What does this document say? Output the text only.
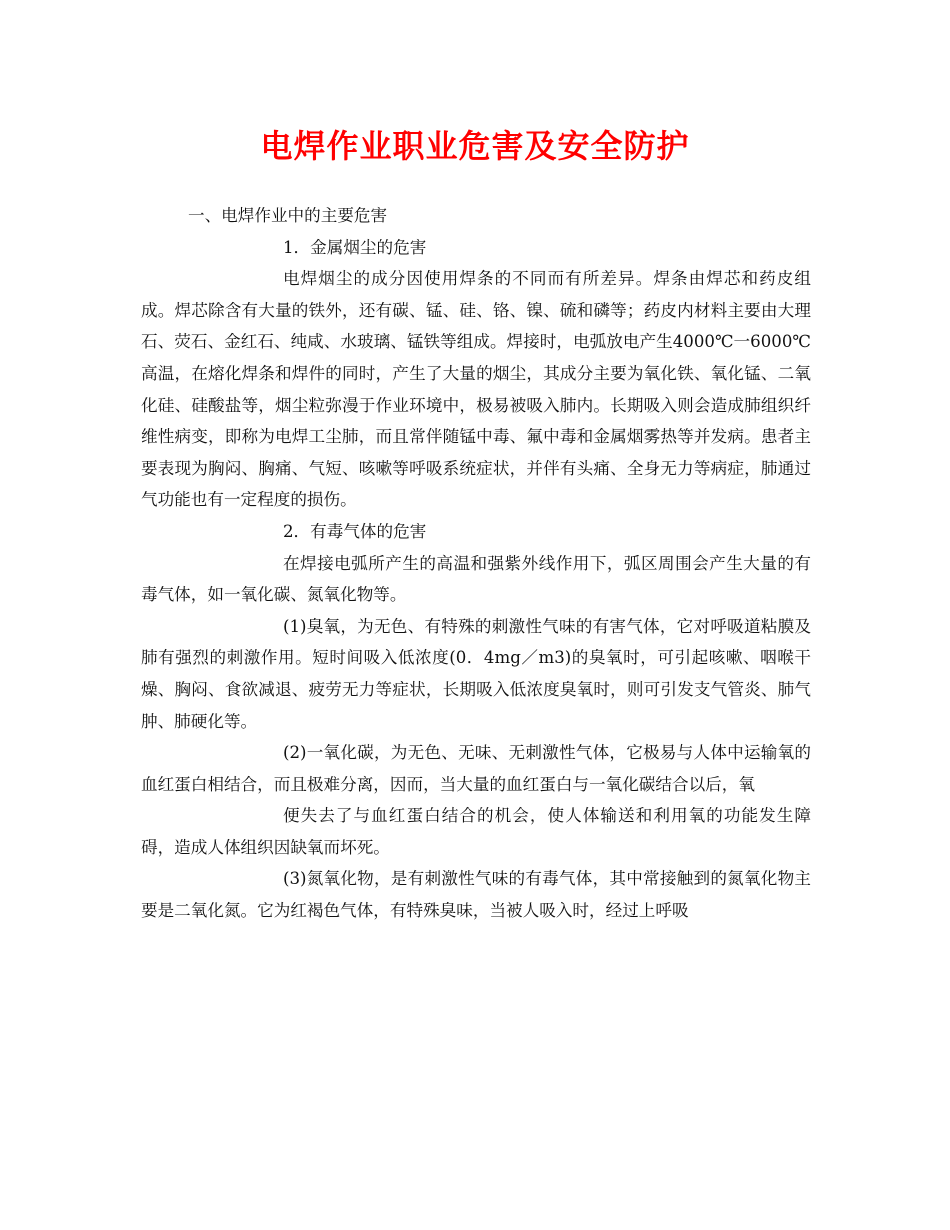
电焊作业职业危害及安全防护

一、电焊作业中的主要危害

1．金属烟尘的危害

电焊烟尘的成分因使用焊条的不同而有所差异。焊条由焊芯和药皮组成。焊芯除含有大量的铁外，还有碳、锰、硅、铬、镍、硫和磷等；药皮内材料主要由大理石、荧石、金红石、纯咸、水玻璃、锰铁等组成。焊接时，电弧放电产生4000℃一6000℃高温，在熔化焊条和焊件的同时，产生了大量的烟尘，其成分主要为氧化铁、氧化锰、二氧化硅、硅酸盐等，烟尘粒弥漫于作业环境中，极易被吸入肺内。长期吸入则会造成肺组织纤维性病变，即称为电焊工尘肺，而且常伴随锰中毒、氟中毒和金属烟雾热等并发病。患者主要表现为胸闷、胸痛、气短、咳嗽等呼吸系统症状，并伴有头痛、全身无力等病症，肺通过气功能也有一定程度的损伤。

2．有毒气体的危害

在焊接电弧所产生的高温和强紫外线作用下，弧区周围会产生大量的有毒气体，如一氧化碳、氮氧化物等。

(1)臭氧，为无色、有特殊的刺激性气味的有害气体，它对呼吸道粘膜及肺有强烈的刺激作用。短时间吸入低浓度(0．4mg／m3)的臭氧时，可引起咳嗽、咽喉干燥、胸闷、食欲减退、疲劳无力等症状，长期吸入低浓度臭氧时，则可引发支气管炎、肺气肿、肺硬化等。

(2)一氧化碳，为无色、无味、无刺激性气体，它极易与人体中运输氧的血红蛋白相结合，而且极难分离，因而，当大量的血红蛋白与一氧化碳结合以后，氧

便失去了与血红蛋白结合的机会，使人体输送和利用氧的功能发生障碍，造成人体组织因缺氧而坏死。

(3)氮氧化物，是有刺激性气味的有毒气体，其中常接触到的氮氧化物主要是二氧化氮。它为红褐色气体，有特殊臭味，当被人吸入时，经过上呼吸
